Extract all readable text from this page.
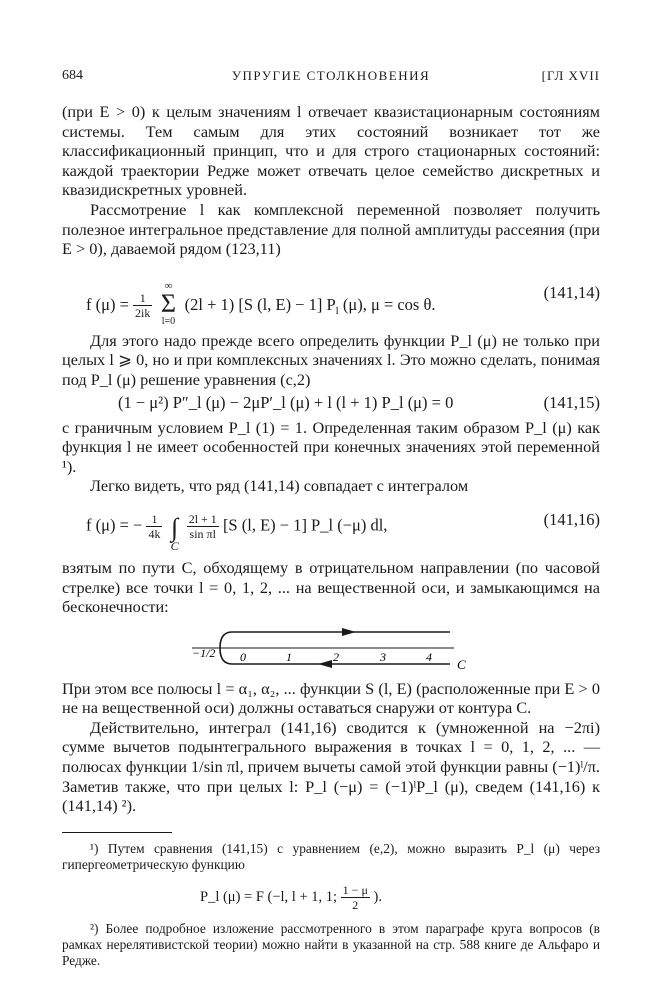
684	УПРУГИЕ СТОЛКНОВЕНИЯ	[ГЛ XVII

(при E > 0) к целым значениям l отвечает квазистационарным состояниям системы. Тем самым для этих состояний возникает тот же классификационный принцип, что и для строго стационарных состояний: каждой траектории Редже может отвечать целое семейство дискретных и квазидискретных уровней.

Рассмотрение l как комплексной переменной позволяет получить полезное интегральное представление для полной амплитуды рассеяния (при E > 0), даваемой рядом (123,11)

f $(\mu) = \frac{1}{2ik}$

∞
Σ
l=0
(2l + 1) [S (l, E) − 1] $P_l$ (μ), μ = cos θ.
(141,14)

Для этого надо прежде всего определить функции P_l (μ) не только при целых l ⩾ 0, но и при комплексных значениях l. Это можно сделать, понимая под P_l (μ) решение уравнения (с,2)

(1 − μ²) P″_l (μ) − 2μP′_l (μ) + l (l + 1) P_l (μ) = 0	(141,15)

с граничным условием P_l (1) = 1. Определенная таким образом P_l (μ) как функция l не имеет особенностей при конечных значениях этой переменной ¹).

Легко видеть, что ряд (141,14) совпадает с интегралом

f (μ) = − $\frac{1}{4k}$
∫
C

$\frac{2l + 1}{\text{sin πl}} [S$ (l, E) − 1] P_l (−μ) dl,	(141,16)

взятым по пути C, обходящему в отрицательном направлении (по часовой стрелке) все точки l = 0, 1, 2, ... на вещественной оси, и замыкающимся на бесконечности:

−1/2 0	1	2	3	4 C

При этом все полюсы l = α₁, α₂, ... функции S (l, E) (расположенные при E > 0 не на вещественной оси) должны оставаться снаружи от контура C.

Действительно, интеграл (141,16) сводится к (умноженной на −2πi) сумме вычетов подынтегрального выражения в точках l = 0, 1, 2, ... — полюсах функции 1/sin πl, причем вычеты самой этой функции равны (−1)ˡ/π. Заметив также, что при целых l: P_l (−μ) = (−1)ˡP_l (μ), сведем (141,16) к (141,14) ²).

¹) Путем сравнения (141,15) с уравнением (е,2), можно выразить P_l (μ) через гипергеометрическую функцию

P_l (μ) = F (−l, l + 1, 1; $\frac{1 - \mu}{2}$ ).

²) Более подробное изложение рассмотренного в этом параграфе круга вопросов (в рамках нерелятивистской теории) можно найти в указанной на стр. 588 книге де Альфаро и Редже.
